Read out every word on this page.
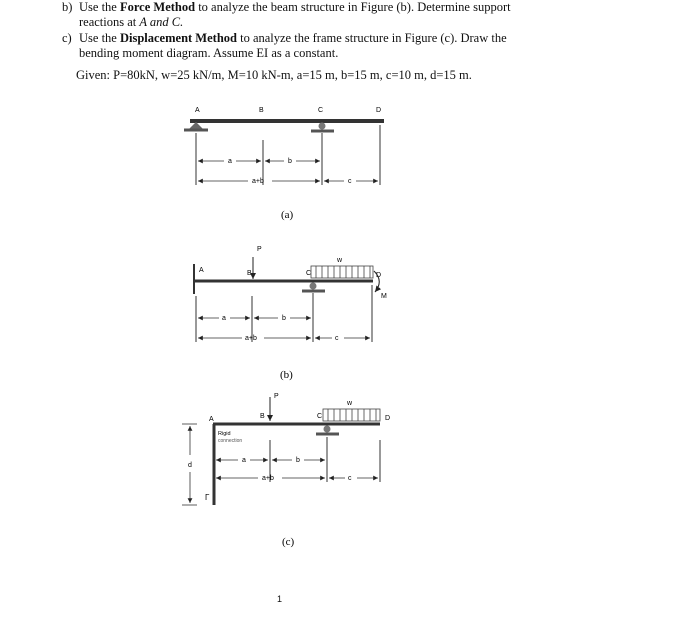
b) Use the Force Method to analyze the beam structure in Figure (b). Determine support reactions at A and C.
c) Use the Displacement Method to analyze the frame structure in Figure (c). Draw the bending moment diagram. Assume EI as a constant.
Given: P=80kN, w=25 kN/m, M=10 kN-m, a=15 m, b=15 m, c=10 m, d=15 m.
A	B	C	D
a	b
a+b	c
(a)
A	B	C	D
P
w
M
a	b
a+b	c
(b)
A	B	C	D
Rigid
connection
Γ
P
w
d
a	b
a+b	c
(c)
1
